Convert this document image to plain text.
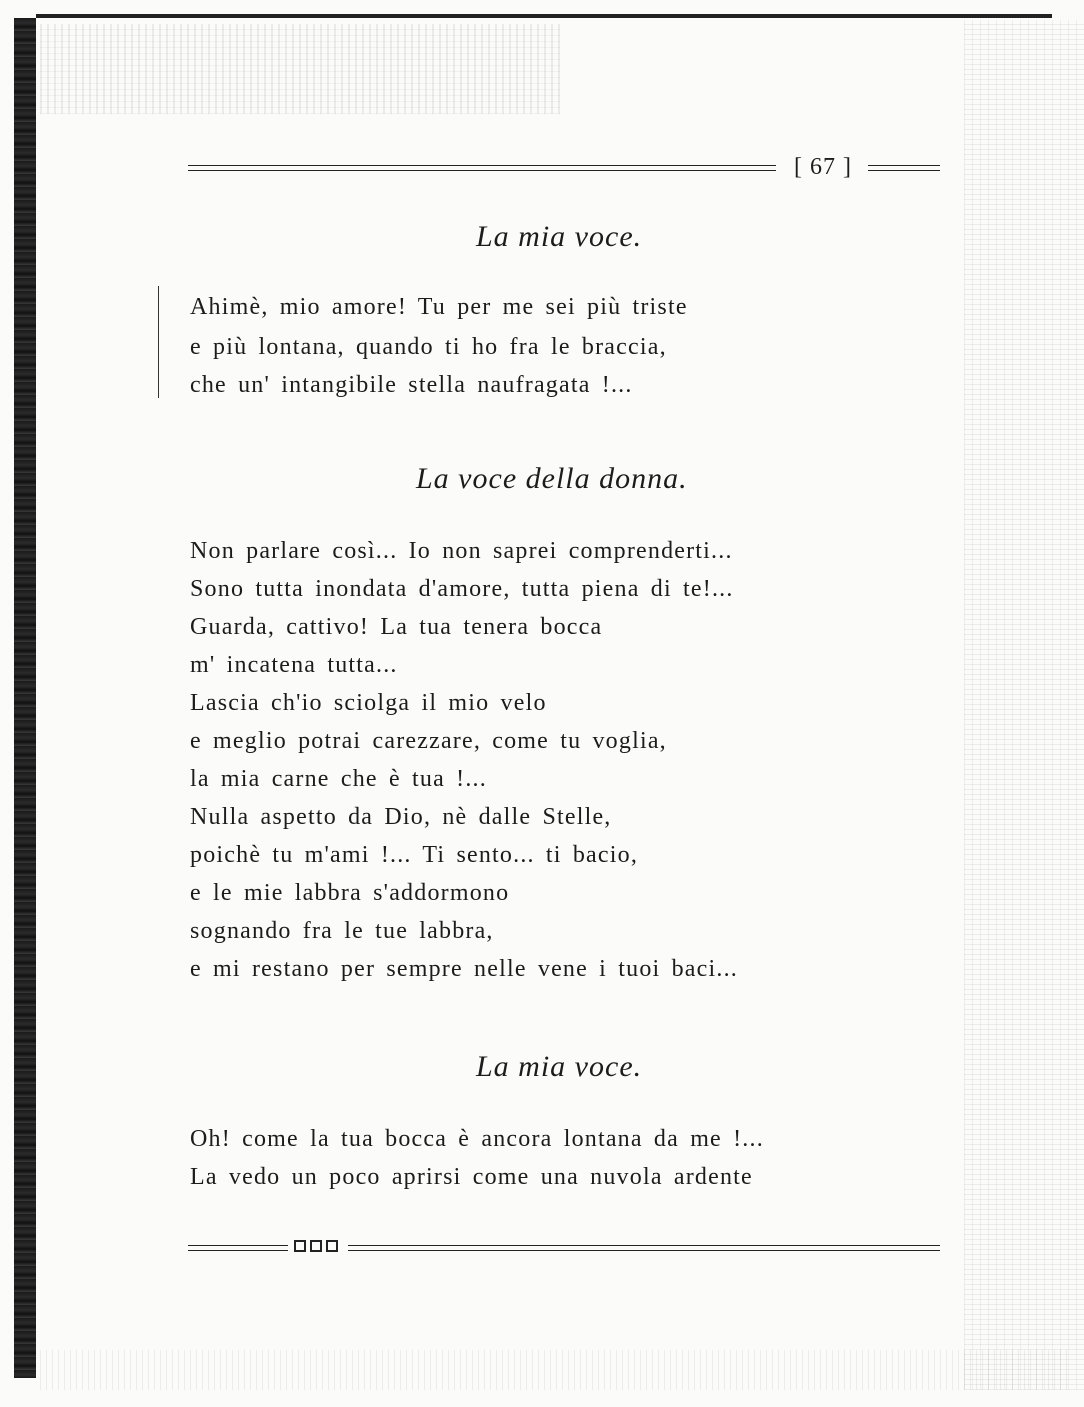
[ 67 ]
La mia voce.
Ahimè, mio amore! Tu per me sei più triste
e più lontana, quando ti ho fra le braccia,
che un' intangibile stella naufragata !...
La voce della donna.
Non parlare così... Io non saprei comprenderti...
Sono tutta inondata d'amore, tutta piena di te!...
Guarda, cattivo! La tua tenera bocca
m' incatena tutta...
Lascia ch'io sciolga il mio velo
e meglio potrai carezzare, come tu voglia,
la mia carne che è tua !...
Nulla aspetto da Dio, nè dalle Stelle,
poichè tu m'ami !... Ti sento... ti bacio,
e le mie labbra s'addormono
sognando fra le tue labbra,
e mi restano per sempre nelle vene i tuoi baci...
La mia voce.
Oh! come la tua bocca è ancora lontana da me !...
La vedo un poco aprirsi come una nuvola ardente
